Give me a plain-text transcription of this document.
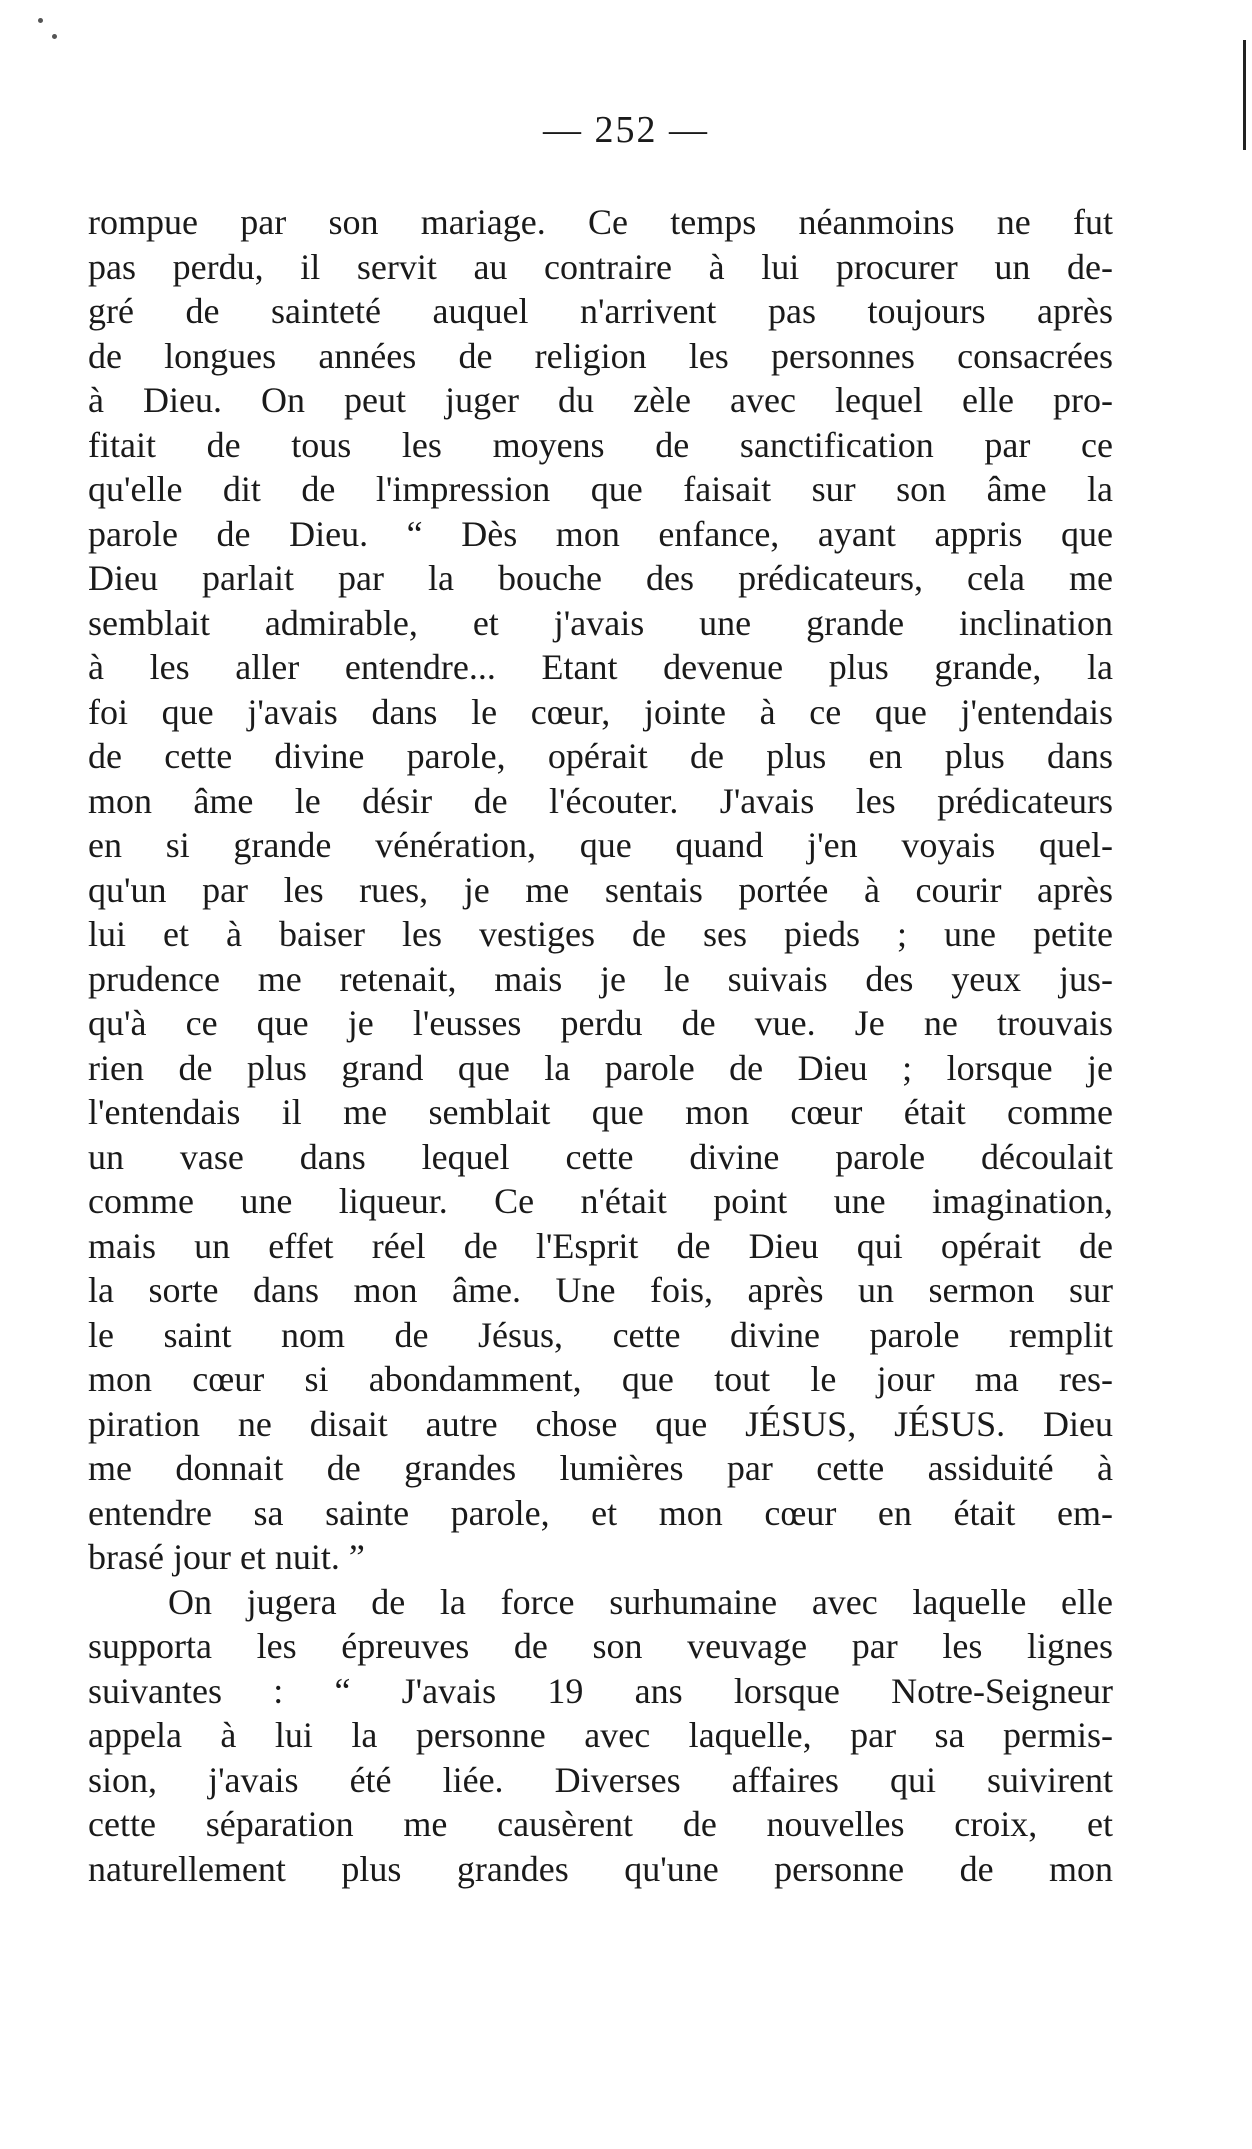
— 252 —
rompue par son mariage. Ce temps néanmoins ne fut
pas perdu, il servit au contraire à lui procurer un de-
gré de sainteté auquel n'arrivent pas toujours après
de longues années de religion les personnes consacrées
à Dieu. On peut juger du zèle avec lequel elle pro-
fitait de tous les moyens de sanctification par ce
qu'elle dit de l'impression que faisait sur son âme la
parole de Dieu. “ Dès mon enfance, ayant appris que
Dieu parlait par la bouche des prédicateurs, cela me
semblait admirable, et j'avais une grande inclination
à les aller entendre... Etant devenue plus grande, la
foi que j'avais dans le cœur, jointe à ce que j'entendais
de cette divine parole, opérait de plus en plus dans
mon âme le désir de l'écouter. J'avais les prédicateurs
en si grande vénération, que quand j'en voyais quel-
qu'un par les rues, je me sentais portée à courir après
lui et à baiser les vestiges de ses pieds ; une petite
prudence me retenait, mais je le suivais des yeux jus-
qu'à ce que je l'eusses perdu de vue. Je ne trouvais
rien de plus grand que la parole de Dieu ; lorsque je
l'entendais il me semblait que mon cœur était comme
un vase dans lequel cette divine parole découlait
comme une liqueur. Ce n'était point une imagination,
mais un effet réel de l'Esprit de Dieu qui opérait de
la sorte dans mon âme. Une fois, après un sermon sur
le saint nom de Jésus, cette divine parole remplit
mon cœur si abondamment, que tout le jour ma res-
piration ne disait autre chose que JÉSUS, JÉSUS. Dieu
me donnait de grandes lumières par cette assiduité à
entendre sa sainte parole, et mon cœur en était em-
brasé jour et nuit. ”
On jugera de la force surhumaine avec laquelle elle
supporta les épreuves de son veuvage par les lignes
suivantes : “ J'avais 19 ans lorsque Notre-Seigneur
appela à lui la personne avec laquelle, par sa permis-
sion, j'avais été liée. Diverses affaires qui suivirent
cette séparation me causèrent de nouvelles croix, et
naturellement plus grandes qu'une personne de mon
